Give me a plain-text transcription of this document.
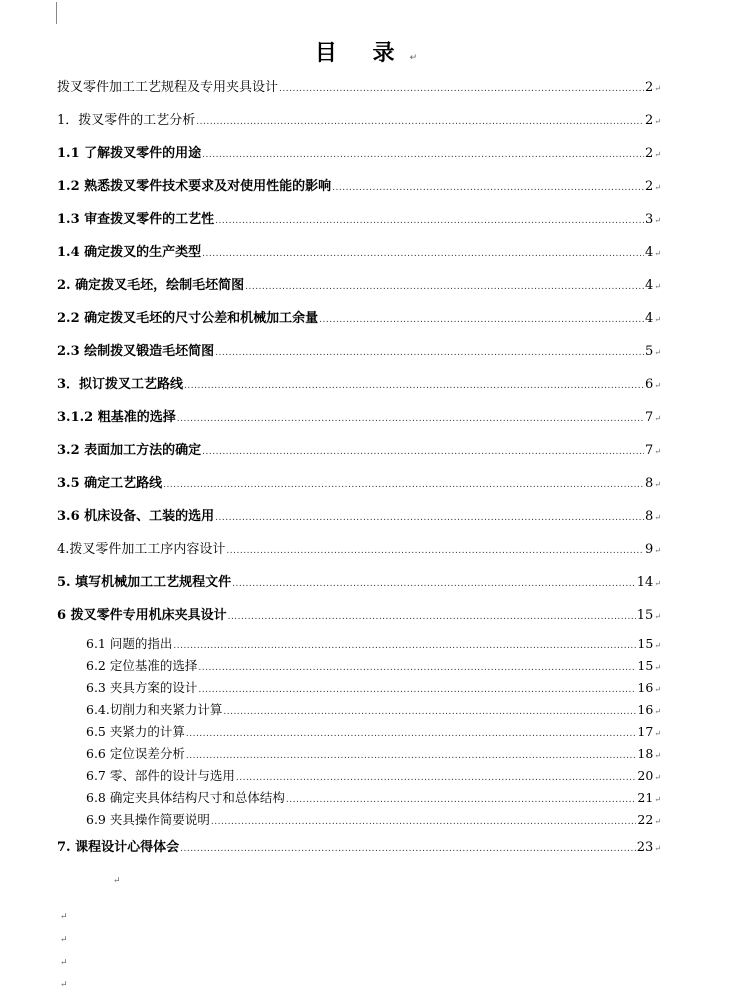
目 录↵
拨叉零件加工工艺规程及专用夹具设计 .....	2 ↵
1．拨叉零件的工艺分析 .....	2 ↵
1.1 了解拨叉零件的用途 .....	2 ↵
1.2 熟悉拨叉零件技术要求及对使用性能的影响 .....	2 ↵
1.3 审查拨叉零件的工艺性 .....	3 ↵
1.4 确定拨叉的生产类型 .....	4 ↵
2. 确定拨叉毛坯，绘制毛坯简图 .....	4 ↵
2.2 确定拨叉毛坯的尺寸公差和机械加工余量 .....	4 ↵
2.3 绘制拨叉锻造毛坯简图 .....	5 ↵
3．拟订拨叉工艺路线 .....	6 ↵
3.1.2 粗基准的选择 .....	7 ↵
3.2 表面加工方法的确定 .....	7 ↵
3.5 确定工艺路线 .....	8 ↵
3.6 机床设备、工装的选用 .....	8 ↵
4.拨叉零件加工工序内容设计 .....	9 ↵
5. 填写机械加工工艺规程文件 .....	14 ↵
6 拨叉零件专用机床夹具设计 .....	15 ↵
6.1 问题的指出 .....	15 ↵
6.2 定位基准的选择 .....	15 ↵
6.3 夹具方案的设计 .....	16 ↵
6.4.切削力和夹紧力计算 .....	16 ↵
6.5 夹紧力的计算 .....	17 ↵
6.6 定位误差分析 .....	18 ↵
6.7 零、部件的设计与选用 .....	20 ↵
6.8 确定夹具体结构尺寸和总体结构 .....	21 ↵
6.9 夹具操作简要说明 .....	22 ↵
7. 课程设计心得体会 .....	23 ↵
↵
↵
↵
↵
↵
